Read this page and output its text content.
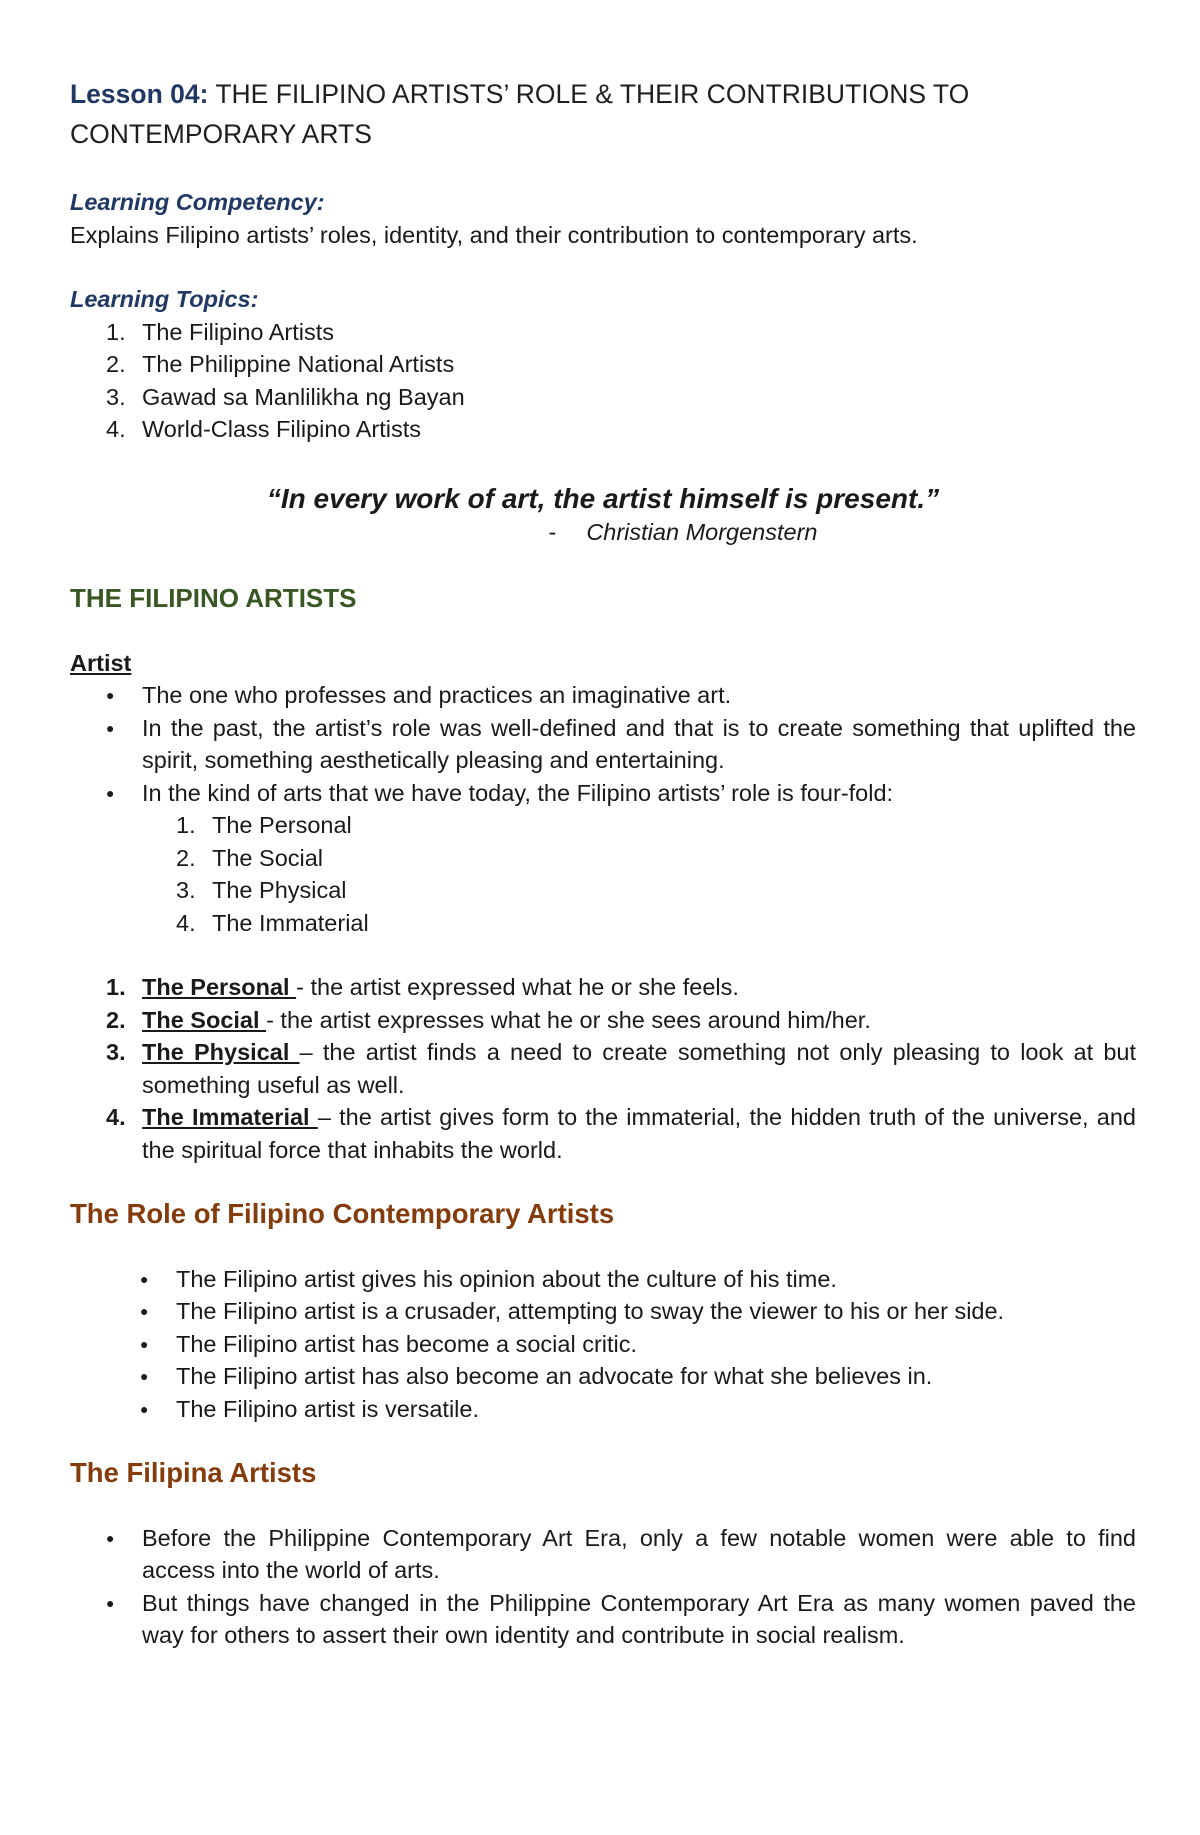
Lesson 04: THE FILIPINO ARTISTS’ ROLE & THEIR CONTRIBUTIONS TO CONTEMPORARY ARTS

Learning Competency:

Explains Filipino artists’ roles, identity, and their contribution to contemporary arts.

Learning Topics:

1. The Filipino Artists
2. The Philippine National Artists
3. Gawad sa Manlilikha ng Bayan
4. World-Class Filipino Artists

“In every work of art, the artist himself is present.”

- Christian Morgenstern

THE FILIPINO ARTISTS

Artist

● The one who professes and practices an imaginative art.
● In the past, the artist’s role was well-defined and that is to create something that uplifted the spirit, something aesthetically pleasing and entertaining.
● In the kind of arts that we have today, the Filipino artists’ role is four-fold:
1. The Personal
2. The Social
3. The Physical
4. The Immaterial
1. The Personal - the artist expressed what he or she feels.
2. The Social - the artist expresses what he or she sees around him/her.
3. The Physical – the artist finds a need to create something not only pleasing to look at but something useful as well.
4. The Immaterial – the artist gives form to the immaterial, the hidden truth of the universe, and the spiritual force that inhabits the world.
The Role of Filipino Contemporary Artists
● The Filipino artist gives his opinion about the culture of his time.
● The Filipino artist is a crusader, attempting to sway the viewer to his or her side.
● The Filipino artist has become a social critic.
● The Filipino artist has also become an advocate for what she believes in.
● The Filipino artist is versatile.
The Filipina Artists
● Before the Philippine Contemporary Art Era, only a few notable women were able to find access into the world of arts.
● But things have changed in the Philippine Contemporary Art Era as many women paved the way for others to assert their own identity and contribute in social realism.
